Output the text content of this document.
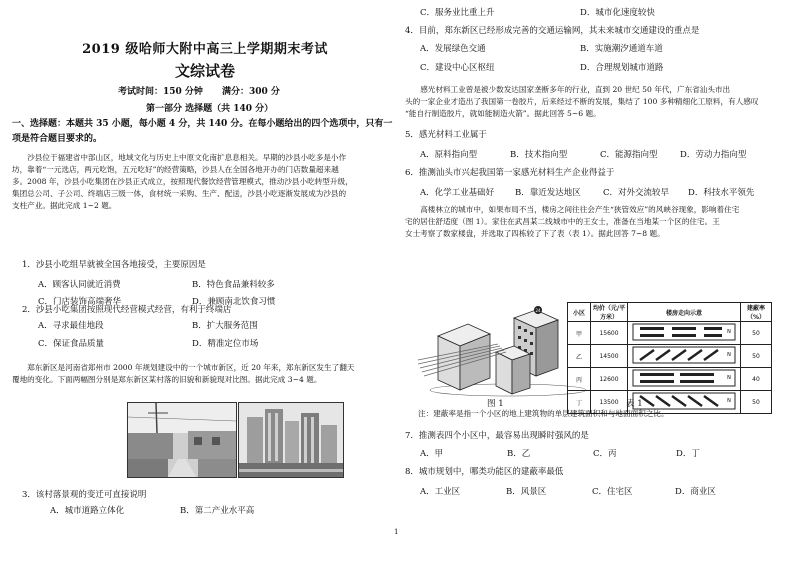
2019 级哈师大附中高三上学期期末考试
文综试卷
考试时间：150 分钟 满分：300 分
第一部分 选择题（共 140 分）
一、选择题：本题共 35 小题，每小题 4 分，共 140 分。在每小题给出的四个选项中，只有一项是符合题目要求的。
沙县位于福建省中部山区，地域文化与历史上中原文化南扩息息相关。早期的沙县小吃多是小作
坊，靠着“一元选店，两元吃饱，五元吃好”的经营策略，沙县人在全国各地开办的门店数量超来越
多。2008 年，沙县小吃集团在沙县正式成立，按照现代餐饮经营管理模式，推动沙县小吃转型升级，
集团总公司、子公司、终端店三级一体，食材统一采购、生产、配送，沙县小吃逐渐发展成为沙县的
支柱产业。据此完成 1~2 题。
1．沙县小吃组早就被全国各地接受，主要原因是
A．顾客认同就近消费	B．特色食品兼料较多
C．门店装饰高端奢华	D．兼顾南北饮食习惯
2．沙县小吃集团按照现代经营模式经营，有利于终端店
A．寻求最佳地段	B．扩大服务范围
C．保证食品质量	D．精准定位市场
郑东新区是河南省郑州市 2000 年规划建设中的一个城市新区，近 20 年来，郑东新区发生了翻天
覆地的变化。下面两幅图分别是郑东新区某村落的旧貌和新貌现对比图。据此完成 3~4 题。
3．该村落景观的变迁可直接说明
A．城市道路立体化	B．第二产业水平高
C．服务业比重上升	D．城市化速度较快
4．目前，郑东新区已经形成完善的交通运输网，其未来城市交通建设的重点是
A．发展绿色交通	B．实施潮汐通道车道
C．建设中心区枢纽	D．合理规划城市道路
感光材料工业曾是被少数发达国家垄断多年的行业，直到 20 世纪 50 年代，广东省汕头市出
头的一家企业才造出了我国第一卷胶片，后来经过不断的发展，集结了 100 多种精细化工原料，有人感叹
“能自行制造胶片，就如能制造火箭”。据此回答 5~6 题。
5．感光材料工业属于
A．原料指向型	B．技术指向型	C．能源指向型	D．劳动力指向型
6．推测汕头市兴起我国第一家感光材料生产企业得益于
A．化学工业基础好 B．靠近发达地区	C．对外交流较早 D．科技水平领先
高楼林立的城市中，如果布局不当，楼房之间往往会产生“狭管效应”的风峡谷现象，影响着住宅
宅的居住舒适度（图 1）。家住在武昌某二线城市中的王女士，准备在当地某一个区的住宅。王
女士考察了数家楼盘，并选取了四栋较了下了表（表 1）。据此回答 7~8 题。
24
图 1
小区	均价（元/平方米）	楼房走向示意	建蔽率（%）
甲	15600	N	50
乙	14500	N	50
丙	12600	N	40
丁	13500	N	50
表 1
注：建蔽率是指一个小区的地上建筑物的单层建筑面积和与地面面积之比。
7．推测表四个小区中，最容易出现瞬时强风的是
A．甲	B．乙	C．丙	D．丁
8．城市规划中，哪类功能区的建蔽率最低
A．工业区	B．风景区	C．住宅区	D．商业区
1
